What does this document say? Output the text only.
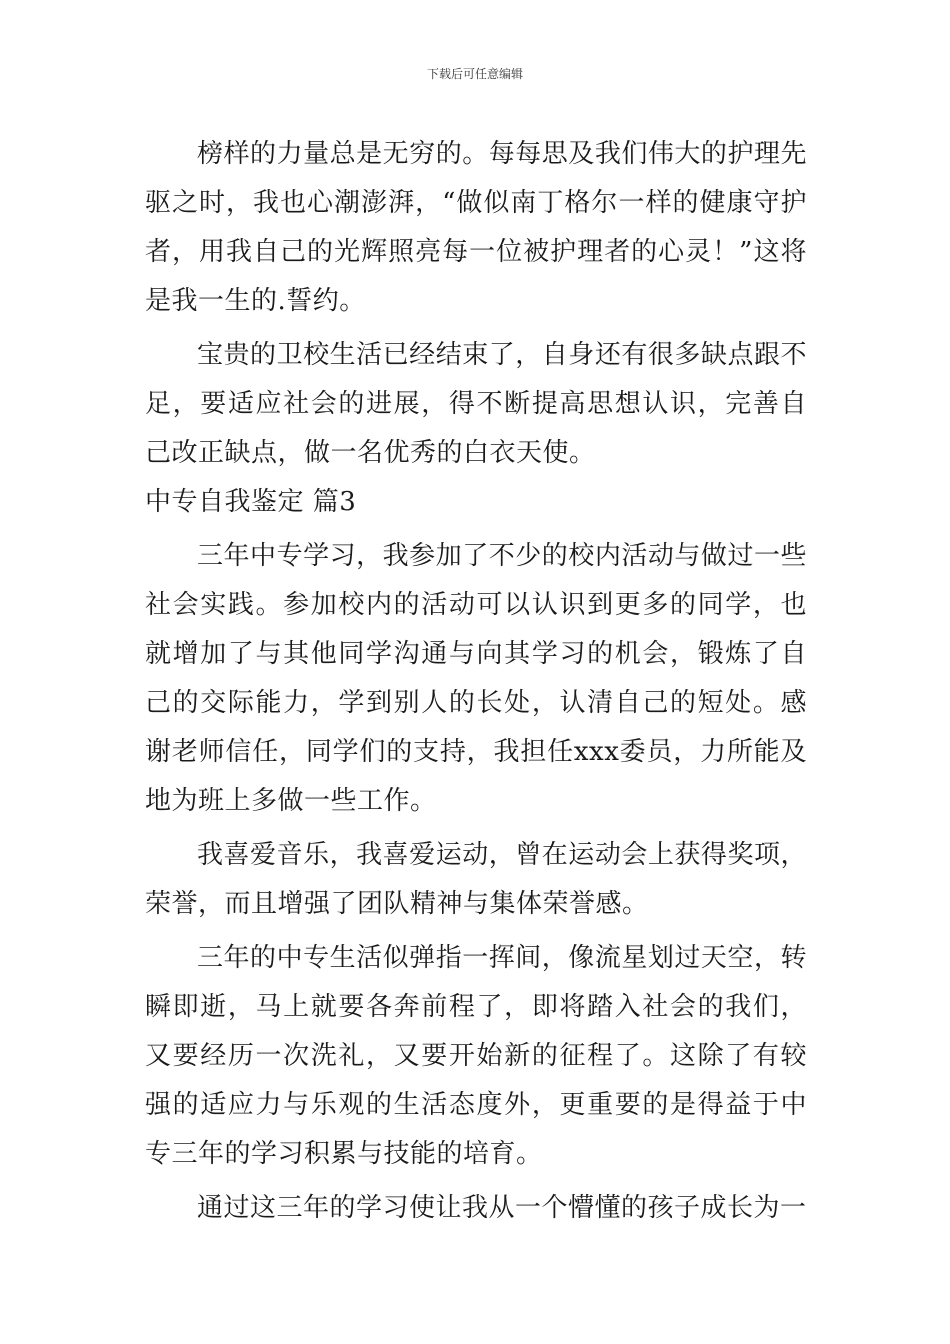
下载后可任意编辑

榜样的力量总是无穷的。每每思及我们伟大的护理先驱之时，我也心潮澎湃，“做似南丁格尔一样的健康守护者，用我自己的光辉照亮每一位被护理者的心灵！”这将是我一生的.誓约。

宝贵的卫校生活已经结束了，自身还有很多缺点跟不足，要适应社会的进展，得不断提高思想认识，完善自己改正缺点，做一名优秀的白衣天使。

中专自我鉴定 篇3

三年中专学习，我参加了不少的校内活动与做过一些社会实践。参加校内的活动可以认识到更多的同学，也就增加了与其他同学沟通与向其学习的机会，锻炼了自己的交际能力，学到别人的长处，认清自己的短处。感谢老师信任，同学们的支持，我担任xxx委员，力所能及地为班上多做一些工作。

我喜爱音乐，我喜爱运动，曾在运动会上获得奖项，荣誉，而且增强了团队精神与集体荣誉感。

三年的中专生活似弹指一挥间，像流星划过天空，转瞬即逝，马上就要各奔前程了，即将踏入社会的我们，又要经历一次洗礼，又要开始新的征程了。这除了有较强的适应力与乐观的生活态度外，更重要的是得益于中专三年的学习积累与技能的培育。

通过这三年的学习使让我从一个懵懂的孩子成长为一
